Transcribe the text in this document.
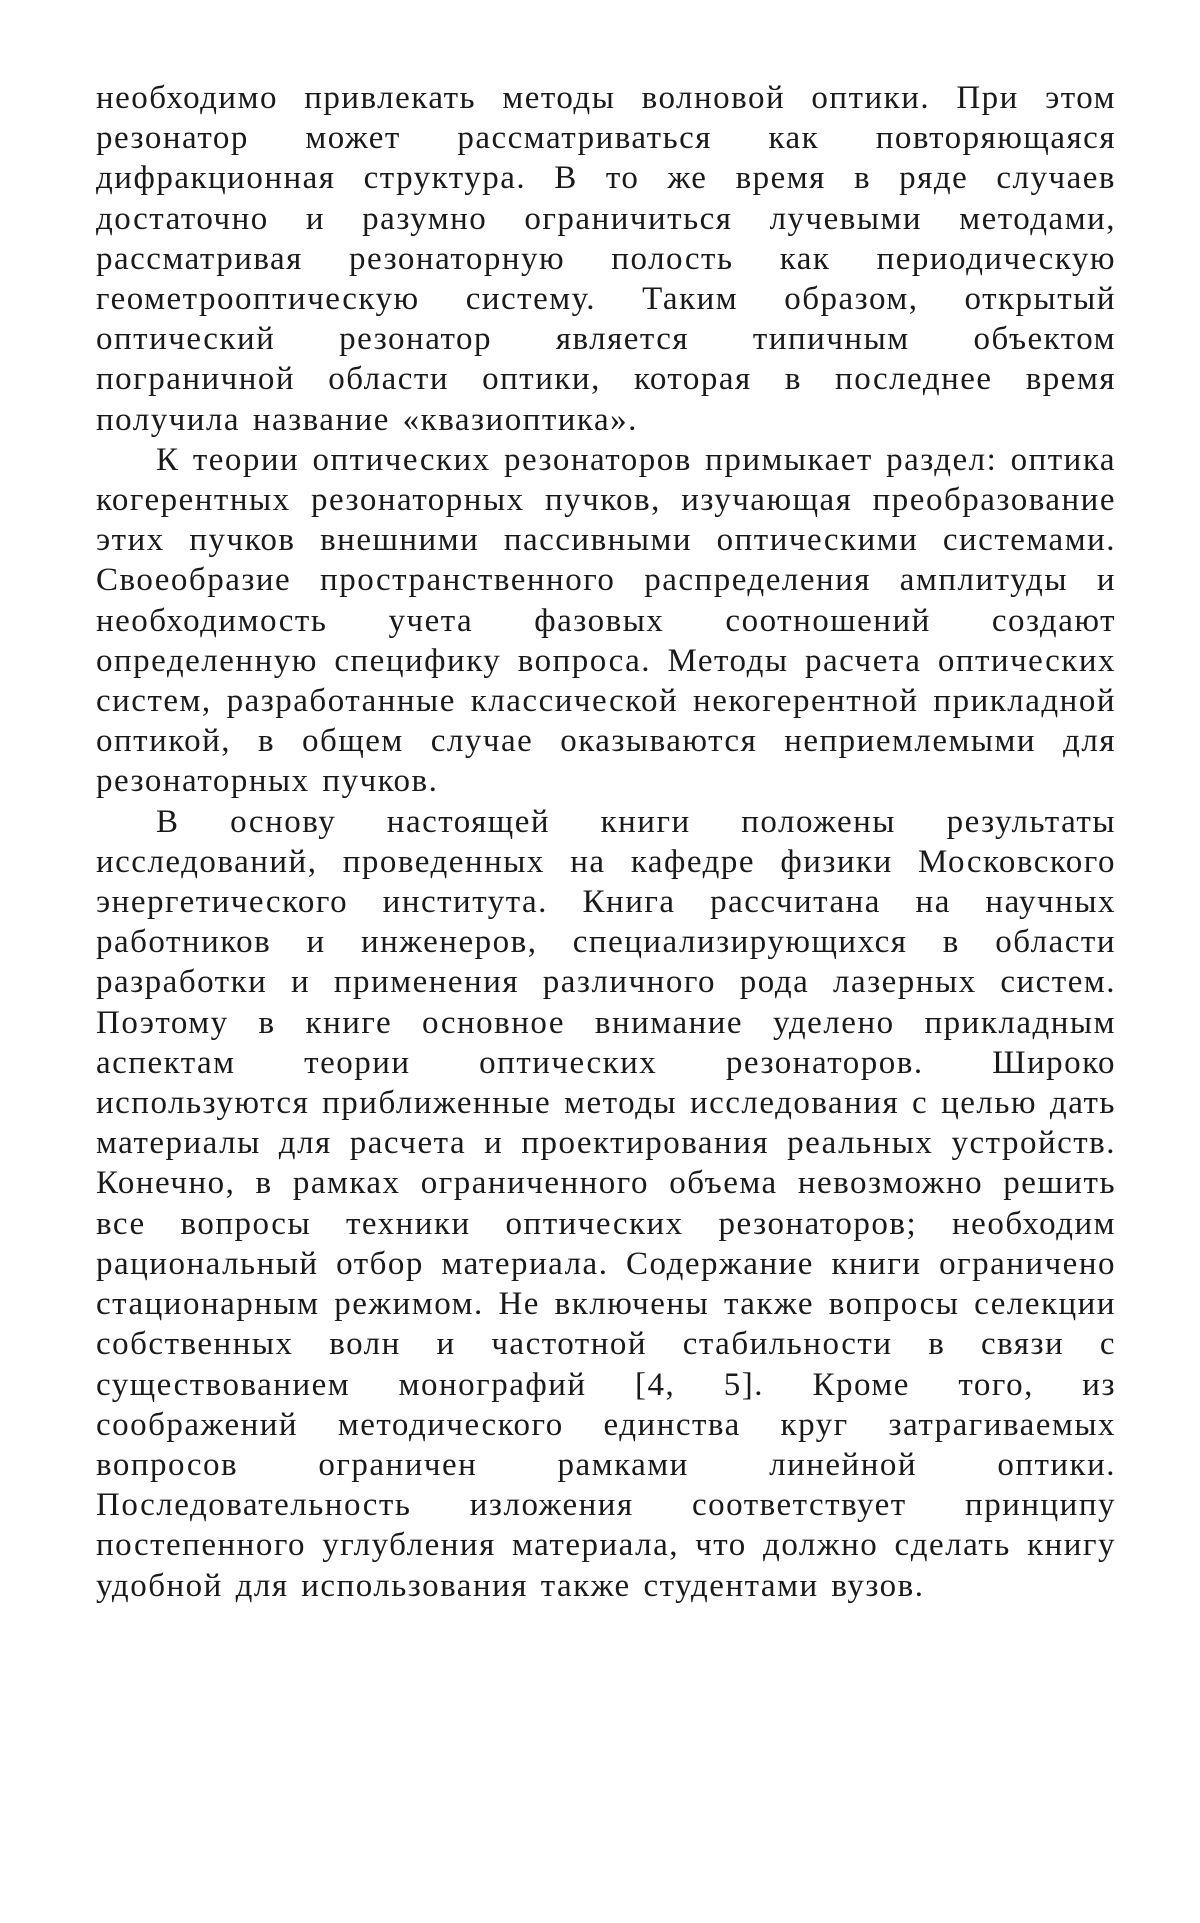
необходимо привлекать методы волновой оптики. При этом резонатор может рассматриваться как повторяющаяся дифракционная структура. В то же время в ряде случаев достаточно и разумно ограничиться лучевыми методами, рассматривая резонаторную полость как периодическую геометрооптическую систему. Таким образом, открытый оптический резонатор является типичным объектом пограничной области оптики, которая в последнее время получила название «квазиоптика».

К теории оптических резонаторов примыкает раздел: оптика когерентных резонаторных пучков, изучающая преобразование этих пучков внешними пассивными оптическими системами. Своеобразие пространственного распределения амплитуды и необходимость учета фазовых соотношений создают определенную специфику вопроса. Методы расчета оптических систем, разработанные классической некогерентной прикладной оптикой, в общем случае оказываются неприемлемыми для резонаторных пучков.

В основу настоящей книги положены результаты исследований, проведенных на кафедре физики Московского энергетического института. Книга рассчитана на научных работников и инженеров, специализирующихся в области разработки и применения различного рода лазерных систем. Поэтому в книге основное внимание уделено прикладным аспектам теории оптических резонаторов. Широко используются приближенные методы исследования с целью дать материалы для расчета и проектирования реальных устройств. Конечно, в рамках ограниченного объема невозможно решить все вопросы техники оптических резонаторов; необходим рациональный отбор материала. Содержание книги ограничено стационарным режимом. Не включены также вопросы селекции собственных волн и частотной стабильности в связи с существованием монографий [4, 5]. Кроме того, из соображений методического единства круг затрагиваемых вопросов ограничен рамками линейной оптики. Последовательность изложения соответствует принципу постепенного углубления материала, что должно сделать книгу удобной для использования также студентами вузов.
